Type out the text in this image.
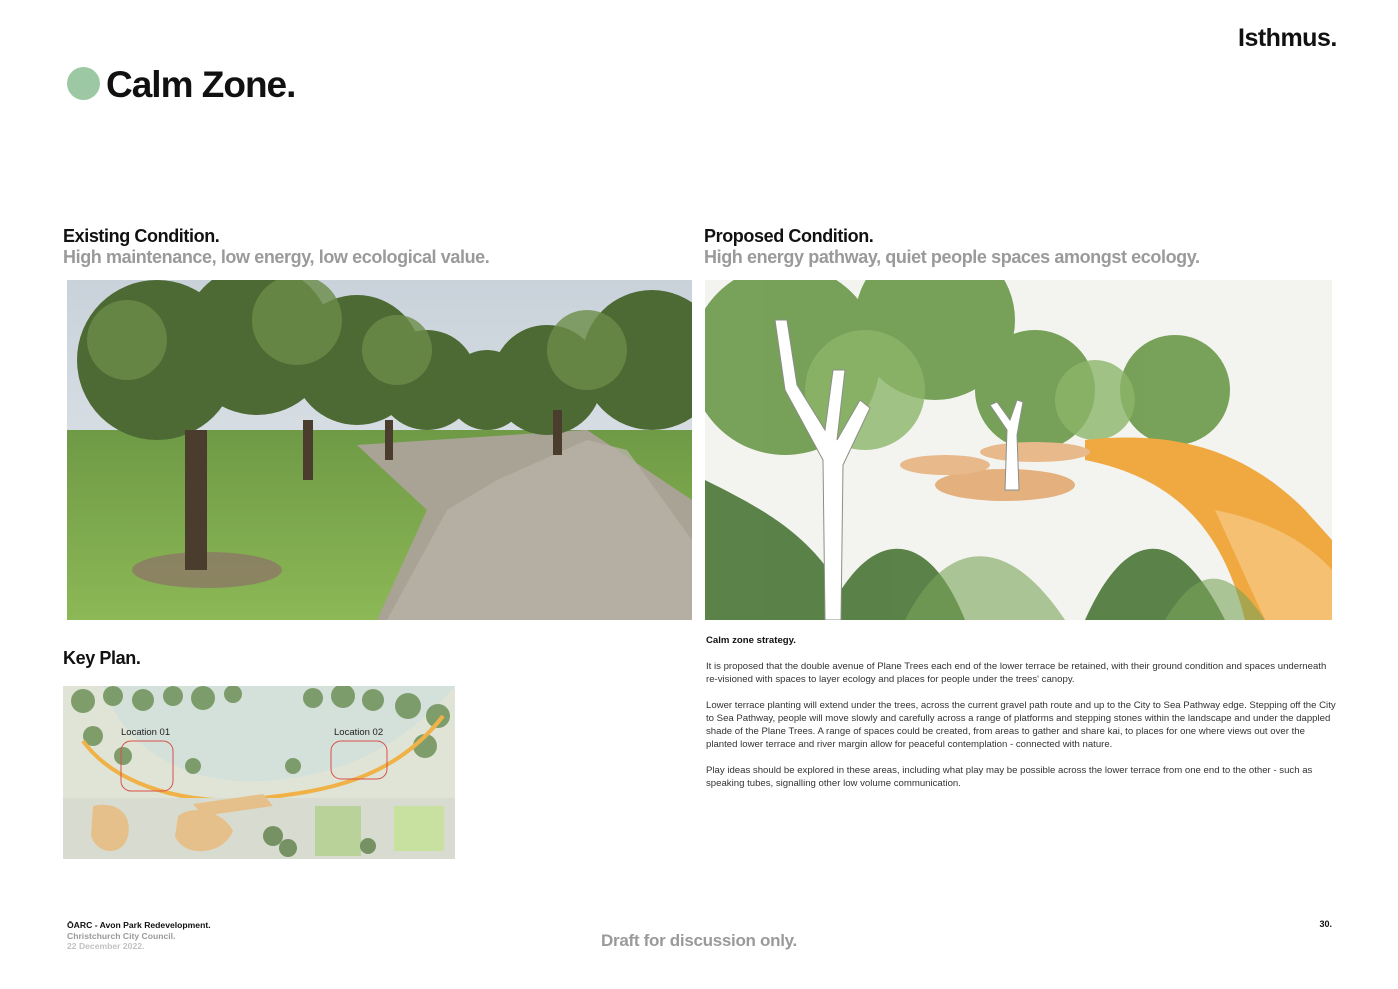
Isthmus.
Calm Zone.
Existing Condition.
High maintenance, low energy, low ecological value.
Proposed Condition.
High energy pathway, quiet people spaces amongst ecology.
Key Plan.
Location 01	Location 02
Calm zone strategy.

It is proposed that the double avenue of Plane Trees each end of the lower terrace be retained, with their ground condition and spaces underneath re-visioned with spaces to layer ecology and places for people under the trees' canopy.

Lower terrace planting will extend under the trees, across the current gravel path route and up to the City to Sea Pathway edge. Stepping off the City to Sea Pathway, people will move slowly and carefully across a range of platforms and stepping stones within the landscape and under the dappled shade of the Plane Trees. A range of spaces could be created, from areas to gather and share kai, to places for one where views out over the planted lower terrace and river margin allow for peaceful contemplation - connected with nature.

Play ideas should be explored in these areas, including what play may be possible across the lower terrace from one end to the other - such as speaking tubes, signalling other low volume communication.

ŌARC - Avon Park Redevelopment.
Christchurch City Council.
22 December 2022.	Draft for discussion only.
30.
